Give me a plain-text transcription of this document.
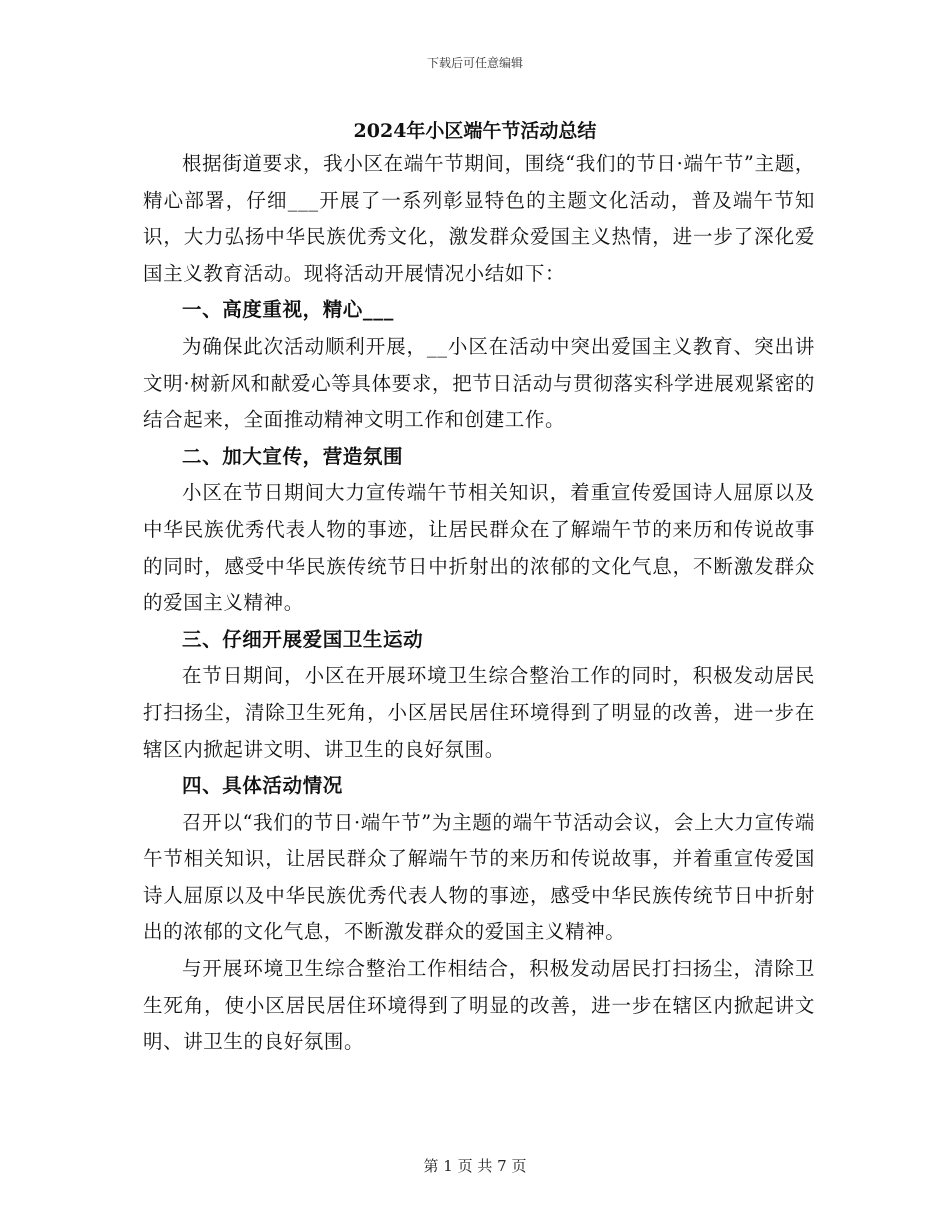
下载后可任意编辑
2024年小区端午节活动总结

根据街道要求，我小区在端午节期间，围绕“我们的节日·端午节”主题，精心部署，仔细___开展了一系列彰显特色的主题文化活动，普及端午节知识，大力弘扬中华民族优秀文化，激发群众爱国主义热情，进一步了深化爱国主义教育活动。现将活动开展情况小结如下：

一、高度重视，精心___

为确保此次活动顺利开展，__小区在活动中突出爱国主义教育、突出讲文明·树新风和献爱心等具体要求，把节日活动与贯彻落实科学进展观紧密的结合起来，全面推动精神文明工作和创建工作。

二、加大宣传，营造氛围

小区在节日期间大力宣传端午节相关知识，着重宣传爱国诗人屈原以及中华民族优秀代表人物的事迹，让居民群众在了解端午节的来历和传说故事的同时，感受中华民族传统节日中折射出的浓郁的文化气息，不断激发群众的爱国主义精神。

三、仔细开展爱国卫生运动

在节日期间，小区在开展环境卫生综合整治工作的同时，积极发动居民打扫扬尘，清除卫生死角，小区居民居住环境得到了明显的改善，进一步在辖区内掀起讲文明、讲卫生的良好氛围。

四、具体活动情况

召开以“我们的节日·端午节”为主题的端午节活动会议，会上大力宣传端午节相关知识，让居民群众了解端午节的来历和传说故事，并着重宣传爱国诗人屈原以及中华民族优秀代表人物的事迹，感受中华民族传统节日中折射出的浓郁的文化气息，不断激发群众的爱国主义精神。

与开展环境卫生综合整治工作相结合，积极发动居民打扫扬尘，清除卫生死角，使小区居民居住环境得到了明显的改善，进一步在辖区内掀起讲文明、讲卫生的良好氛围。

第 1 页 共 7 页
